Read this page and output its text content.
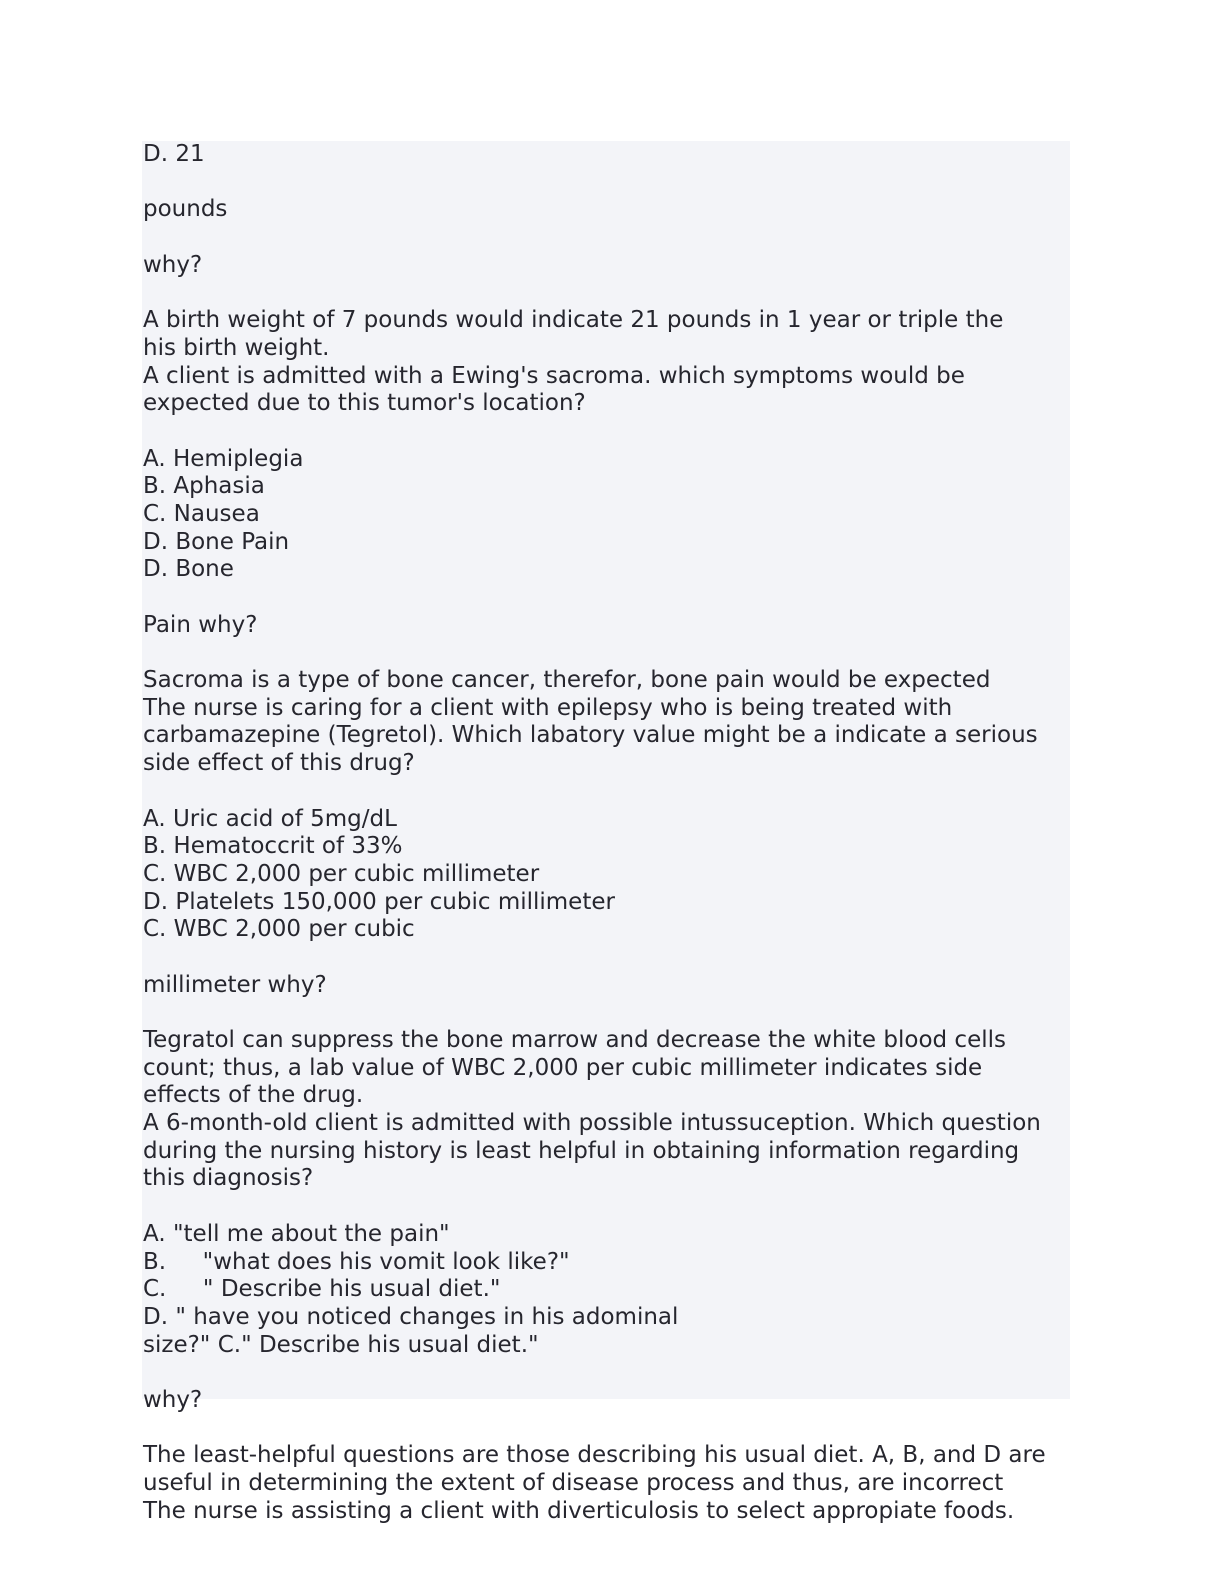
D. 21
pounds
why?
A birth weight of 7 pounds would indicate 21 pounds in 1 year or triple the
his birth weight.
A client is admitted with a Ewing's sacroma. which symptoms would be
expected due to this tumor's location?
A. Hemiplegia
B. Aphasia
C. Nausea
D. Bone Pain
D. Bone
Pain why?
Sacroma is a type of bone cancer, therefor, bone pain would be expected
The nurse is caring for a client with epilepsy who is being treated with
carbamazepine (Tegretol). Which labatory value might be a indicate a serious
side effect of this drug?
A. Uric acid of 5mg/dL
B. Hematoccrit of 33%
C. WBC 2,000 per cubic millimeter
D. Platelets 150,000 per cubic millimeter
C. WBC 2,000 per cubic
millimeter why?
Tegratol can suppress the bone marrow and decrease the white blood cells
count; thus, a lab value of WBC 2,000 per cubic millimeter indicates side
effects of the drug.
A 6-month-old client is admitted with possible intussuception. Which question
during the nursing history is least helpful in obtaining information regarding
this diagnosis?
A. "tell me about the pain"
B.     "what does his vomit look like?"
C.     " Describe his usual diet."
D. " have you noticed changes in his adominal
size?" C." Describe his usual diet."
why?
The least-helpful questions are those describing his usual diet. A, B, and D are
useful in determining the extent of disease process and thus, are incorrect
The nurse is assisting a client with diverticulosis to select appropiate foods.
